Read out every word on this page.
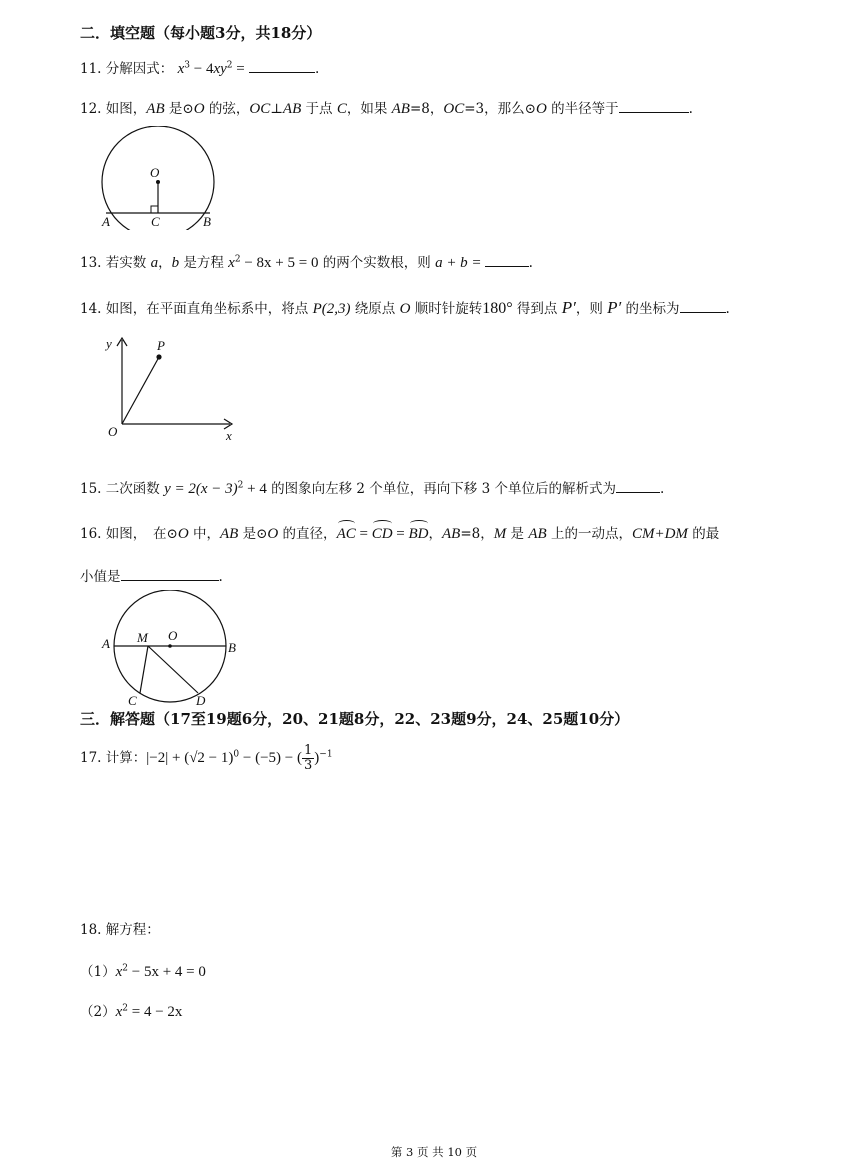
二．填空题（每小题3分，共18分）
11. 分解因式： $x^3 - 4xy^2$ =	.
12. 如图，AB 是⊙O 的弦，OC⊥AB 于点 C，如果 AB=8，OC=3，那么⊙O 的半径等于	.
O
A	B
C
13. 若实数 a，b 是方程 $x^2 - 8x + 5 = 0$ 的两个实数根，则 a + b =	.
14. 如图，在平面直角坐标系中，将点 P(2,3) 绕原点 O 顺时针旋转180° 得到点 P′，则 P′ 的坐标为	.
y
x
O
P
15. 二次函数 $y = 2(x - 3)^2 + 4$ 的图象向左移 2 个单位，再向下移 3 个单位后的解析式为	.
16. 如图，　在⊙O 中，AB 是⊙O 的直径，AC = CD = BD，AB=8，M 是 AB 上的一动点，CM+DM 的最
小值是	.
A	B
M O
C	D
三．解答题（17至19题6分，20、21题8分，22、23题9分，24、25题10分）
17. 计算：$|-2| + (√2 - 1)^0 - (-5)$ − ( $\frac{1}{3} )^{-1}$
18. 解方程：
$(1)x^2 - 5x + 4 = 0$
$(2)x^2 = 4 - 2x$
第 3 页 共 10 页
